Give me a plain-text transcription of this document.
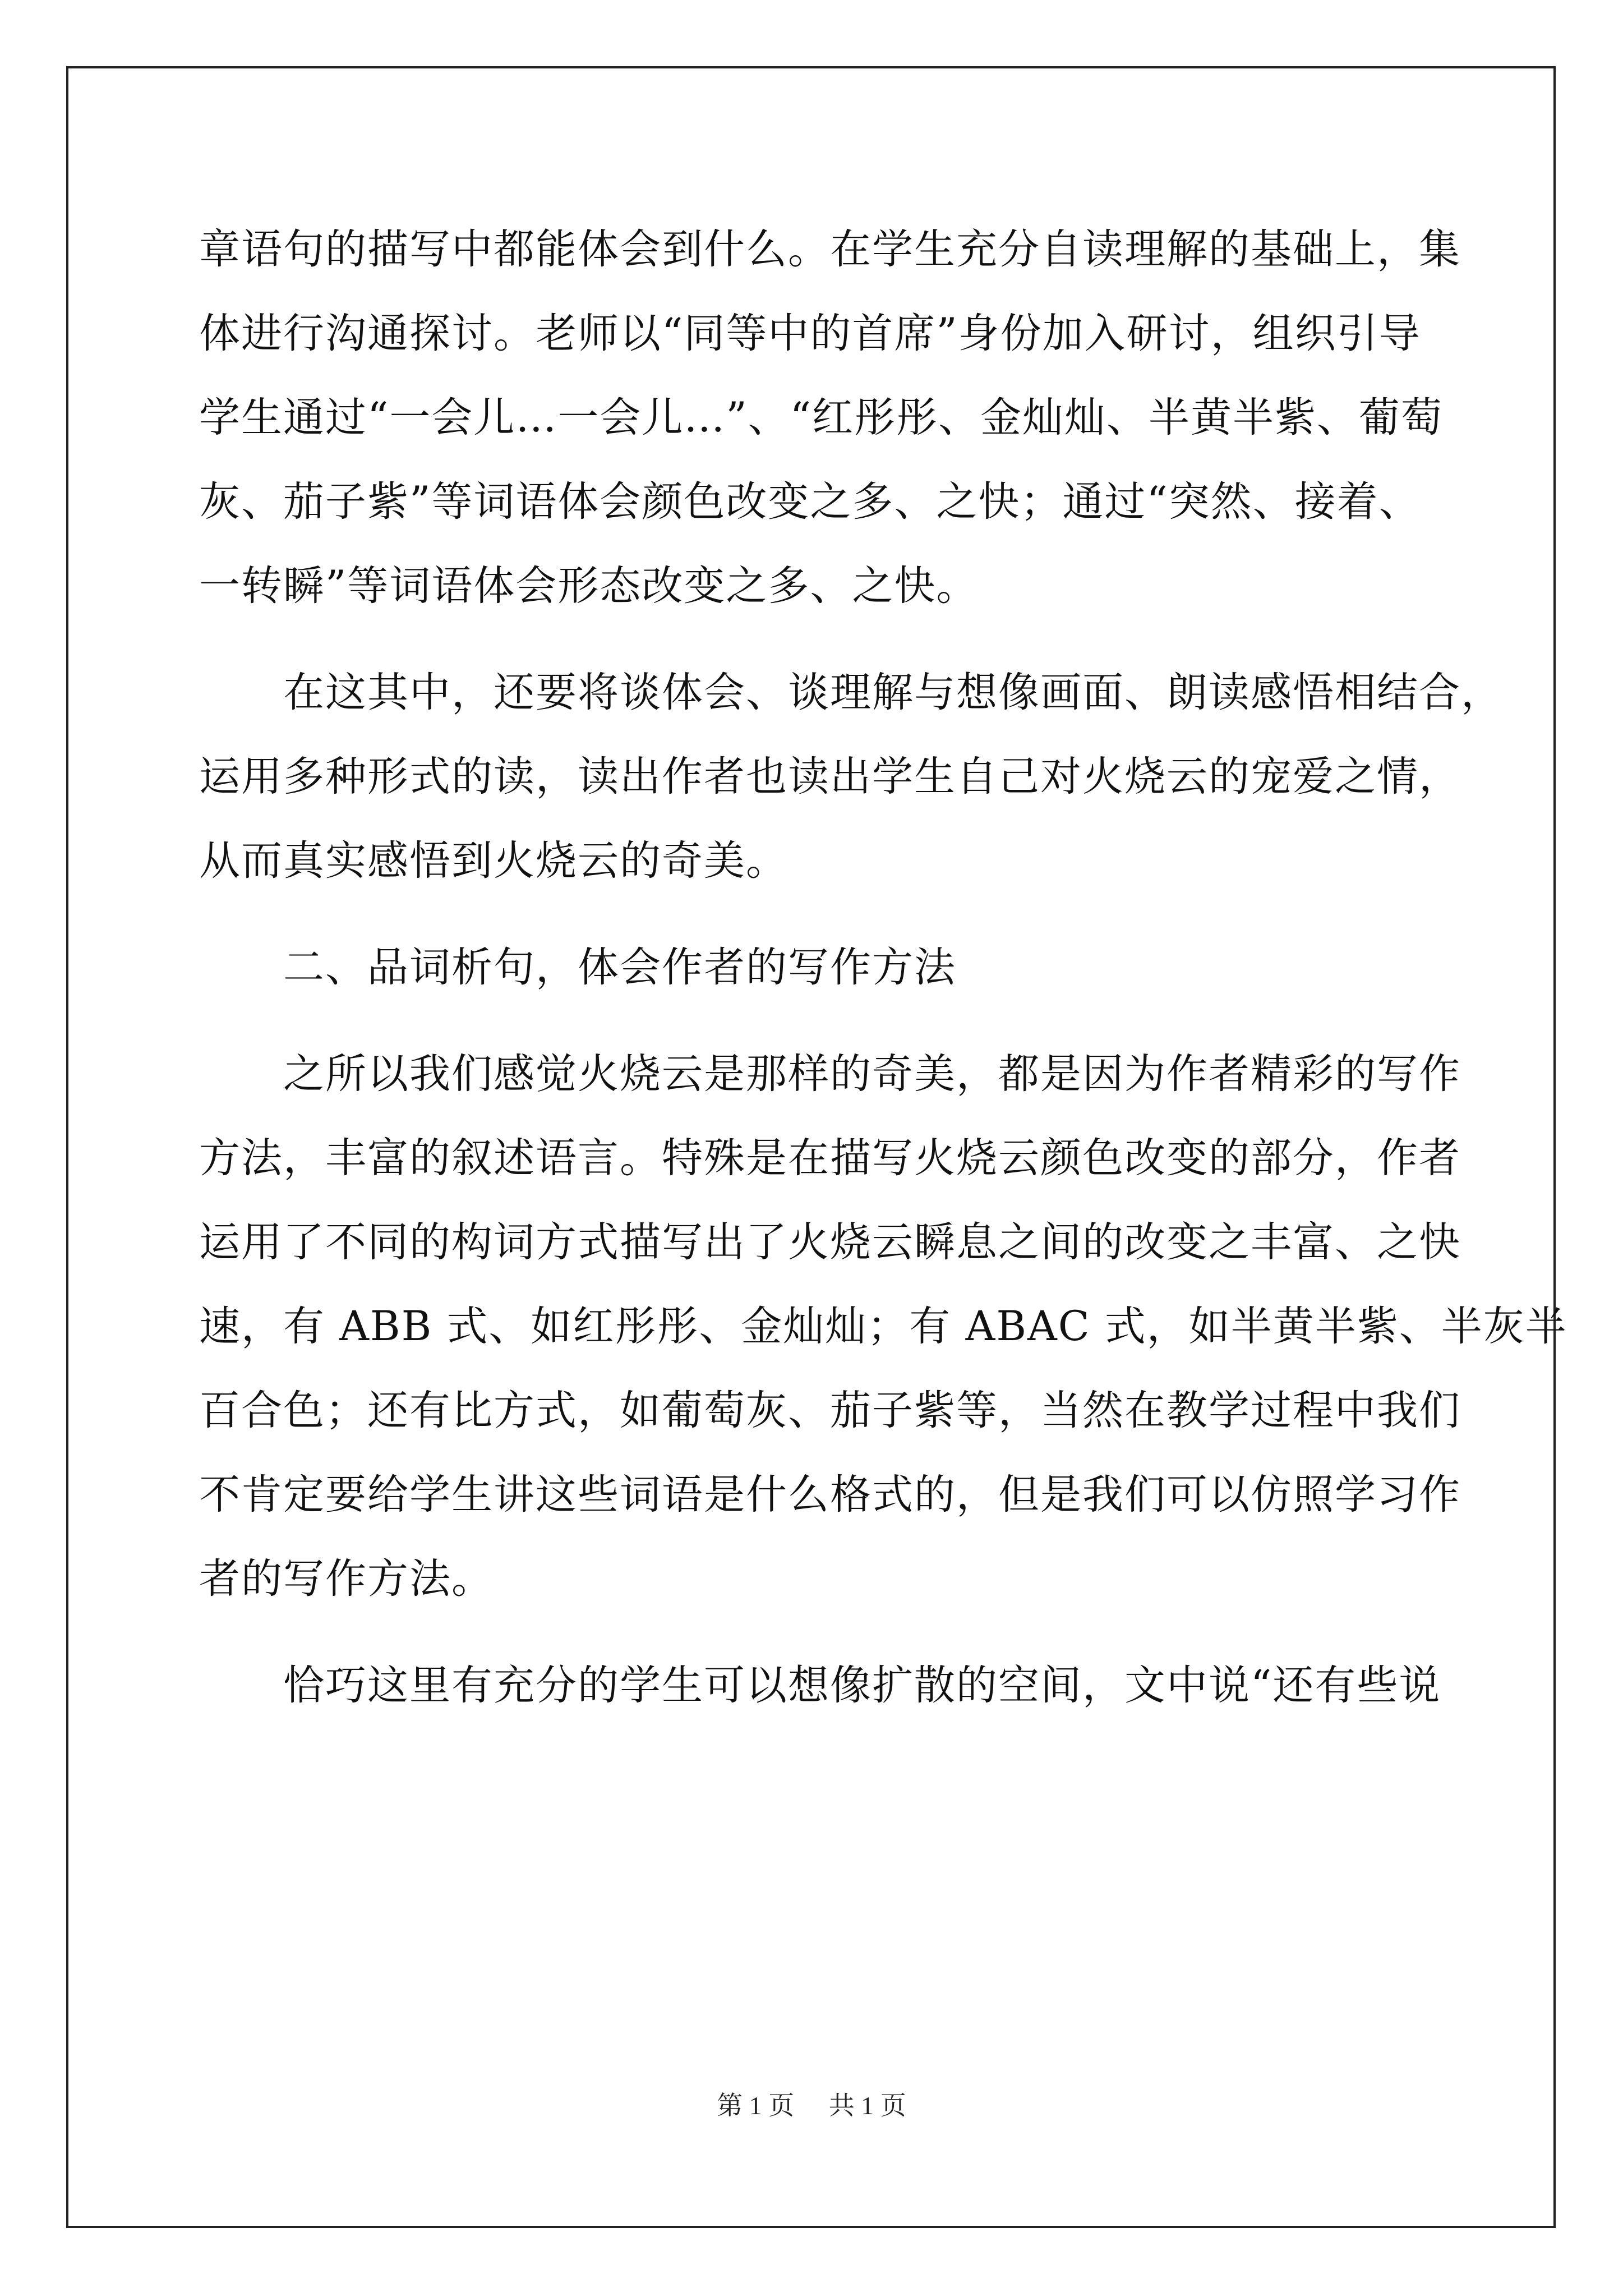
章语句的描写中都能体会到什么。在学生充分自读理解的基础上，集
体进行沟通探讨。老师以“同等中的首席”身份加入研讨，组织引导
学生通过“一会儿…一会儿…”、“红彤彤、金灿灿、半黄半紫、葡萄
灰、茄子紫”等词语体会颜色改变之多、之快；通过“突然、接着、
一转瞬”等词语体会形态改变之多、之快。
在这其中，还要将谈体会、谈理解与想像画面、朗读感悟相结合，
运用多种形式的读，读出作者也读出学生自己对火烧云的宠爱之情，
从而真实感悟到火烧云的奇美。
二、品词析句，体会作者的写作方法
之所以我们感觉火烧云是那样的奇美，都是因为作者精彩的写作
方法，丰富的叙述语言。特殊是在描写火烧云颜色改变的部分，作者
运用了不同的构词方式描写出了火烧云瞬息之间的改变之丰富、之快
速，有 ABB 式、如红彤彤、金灿灿；有 ABAC 式，如半黄半紫、半灰半
百合色；还有比方式，如葡萄灰、茄子紫等，当然在教学过程中我们
不肯定要给学生讲这些词语是什么格式的，但是我们可以仿照学习作
者的写作方法。
恰巧这里有充分的学生可以想像扩散的空间，文中说“还有些说
第 1 页 共 1 页
